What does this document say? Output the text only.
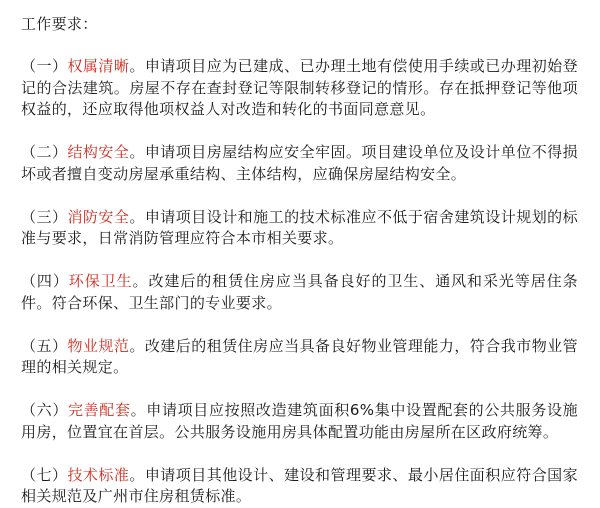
工作要求：
（一）权属清晰。申请项目应为已建成、已办理土地有偿使用手续或已办理初始登记的合法建筑。房屋不存在查封登记等限制转移登记的情形。存在抵押登记等他项权益的，还应取得他项权益人对改造和转化的书面同意意见。
（二）结构安全。申请项目房屋结构应安全牢固。项目建设单位及设计单位不得损坏或者擅自变动房屋承重结构、主体结构，应确保房屋结构安全。
（三）消防安全。申请项目设计和施工的技术标准应不低于宿舍建筑设计规划的标准与要求，日常消防管理应符合本市相关要求。
（四）环保卫生。改建后的租赁住房应当具备良好的卫生、通风和采光等居住条件。符合环保、卫生部门的专业要求。
（五）物业规范。改建后的租赁住房应当具备良好物业管理能力，符合我市物业管理的相关规定。
（六）完善配套。申请项目应按照改造建筑面积6%集中设置配套的公共服务设施用房，位置宜在首层。公共服务设施用房具体配置功能由房屋所在区政府统筹。
（七）技术标准。申请项目其他设计、建设和管理要求、最小居住面积应符合国家相关规范及广州市住房租赁标准。
